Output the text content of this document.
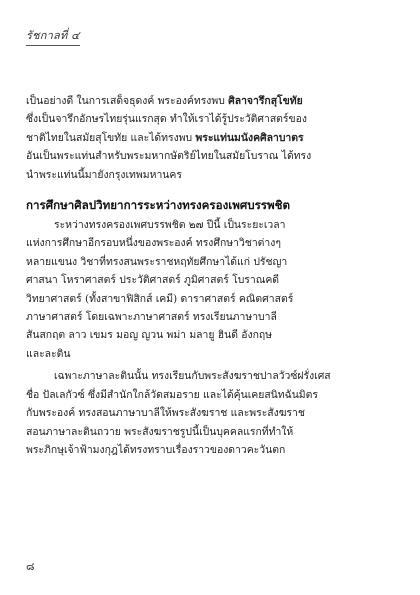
รัชกาลที่ ๔

เป็นอย่างดี ในการเสด็จธุดงค์ พระองค์ทรงพบ ศิลาจารึกสุโขทัย
ซึ่งเป็นจารึกอักษรไทยรุ่นแรกสุด ทำให้เราได้รู้ประวัติศาสตร์ของ
ชาติไทยในสมัยสุโขทัย และได้ทรงพบ พระแท่นมนังคศิลาบาตร
อันเป็นพระแท่นสำหรับพระมหากษัตริย์ไทยในสมัยโบราณ ได้ทรง
นำพระแท่นนี้มายังกรุงเทพมหานคร

การศึกษาศิลปวิทยาการระหว่างทรงครองเพศบรรพชิต

ระหว่างทรงครองเพศบรรพชิต ๒๗ ปีนี้ เป็นระยะเวลา
แห่งการศึกษาอีกรอบหนึ่งของพระองค์ ทรงศึกษาวิชาต่างๆ
หลายแขนง วิชาที่ทรงสนพระราชหฤทัยศึกษาได้แก่ ปรัชญา
ศาสนา โหราศาสตร์ ประวัติศาสตร์ ภูมิศาสตร์ โบราณคดี
วิทยาศาสตร์ (ทั้งสาขาฟิสิกส์ เคมี) ดาราศาสตร์ คณิตศาสตร์
ภาษาศาสตร์ โดยเฉพาะภาษาศาสตร์ ทรงเรียนภาษาบาลี
สันสกฤต ลาว เขมร มอญ ญวน พม่า มลายู ฮินดี อังกฤษ
และละติน

เฉพาะภาษาละตินนั้น ทรงเรียนกับพระสังฆราชปาลวัวซ์ฝรั่งเศส
ชื่อ ปัลเลกัวซ์ ซึ่งมีสำนักใกล้วัดสมอราย และได้คุ้นเคยสนิทฉันมิตร
กับพระองค์ ทรงสอนภาษาบาลีให้พระสังฆราช และพระสังฆราช
สอนภาษาละตินถวาย พระสังฆราชรูปนี้เป็นบุคคลแรกที่ทำให้
พระภิกษุเจ้าฟ้ามงกุฎได้ทรงทราบเรื่องราวของดาวคะวันตก

๘
